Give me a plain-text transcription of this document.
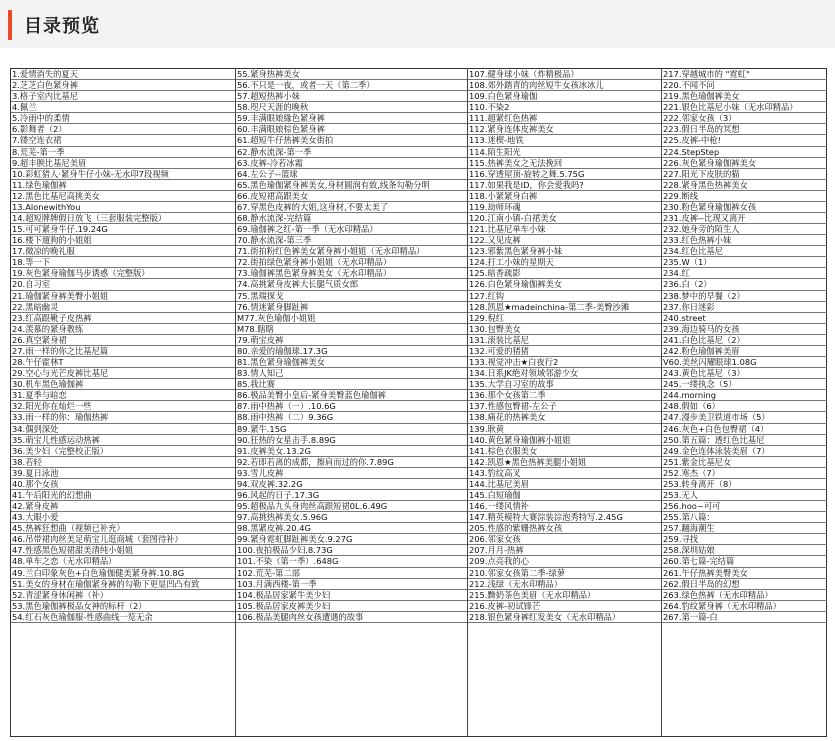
目录预览
1.爱情消失的夏天
2.芝芝白色紧身裤
3.格子室内比基尼
4.佩兰
5.冷雨中的柔情
6.影舞者（2）
7.镂空连衣裙
8.荒芜-第一季
9.超丰腴比基尼美眉
10.彩虹猎人·紧身牛仔小妹-无水印7段视频
11.绿色瑜伽裤
12.黑色比基尼高挑美女
13.AlonewithYou
14.超短牌牌假日放飞（三套服装完整版）
15.可可紧身牛仔.19.24G
16.楼下遛狗的小姐姐
17.微凉的晚礼服
18.等一下
19.灰色紧身瑜伽马步诱惑（完整版）
20.自习室
21.瑜伽紧身裤美臀小姐姐
22.黑暗幽灵
23.红高跟靴子皮热裤
24.羡慕的紧身教练
26.真空紧身裙
27.雨一样的你之比基尼篇
28.午仔霍林T
29.空心与光芒皮裤比基尼
30.机车黑色瑜伽裤
31.夏季与暗恋
32.阳光你在灿烂一些
33.雨一样的你：瑜伽热裤
34.偶到深处
35.萌宝儿性感运动热裤
36.美少妇（完整校正版）
38.若轻
39.夏日泳池
40.那个女孩
41.午后阳光的幻想曲
42.紧身皮裤
43.大眼小爱
45.热裤狂想曲（视频已补充）
46.吊带裙肉丝美足萌宝儿逛商城（套图待补）
47.性感黑色短裙甜美清纯小姐姐
48.单车之恋（无水印精品）
49.兰白印象灰色+白色瑜伽健美紧身裤.10.8G
51.美女的身材在瑜伽紧身裤的勾勒下更显凹凸有致
52.青涩紧身休闲裤（补）
53.黑色瑜伽裤极品女神的标杆（2）
54.红石灰色瑜伽服-性感曲线一览无余
55.紧身热裤美女
56.不只是一夜，或者一天（第二季）
57.超短热裤小妹
58.咫尺天涯的晚秋
59.丰满眼娘緣色紧身裤
60.丰满眼娘棕色紧身裤
61.超短牛仔热裤美女街拍
62.静水流深-第一季
63.皮裤-冷若冰霜
64.左公子--篮球
65.黑色瑜伽紧身裤美女,身材圆润有致,线条勾勒分明
66.皮短裙高跟美女
67.穿黑色皮裤的大姐,这身材,不要太美了
68.静水流深-完结篇
69.瑜伽裤之红-第一季（无水印精品）
70.静水流深-第三季
71.街拍粉红色裤美女紧身裤小姐姐（无水印精品）
72.街拍绿色紧身裤小姐姐（无水印精品）
73.瑜伽裤黑色紧身裤美女（无水印精品）
74.高挑紧身皮裤大长腿气质女郎
75.黑瑞探戈
76.情迷紧身脚趾裤
M77.灰色瑜伽小姐姐
M78.瞎瞎
79.萌宝皮裤
80.亲爱的瑜伽球.17.3G
81.黑色紧身瑜伽裤美女
83.情人知己
85.我比赛
86.极品美臀小皇后-紧身美臀蓝色瑜伽裤
87.雨中热裤（一）.10.6G
88.雨中热裤（二）9.36G
89.紧牛.15G
90.狂热的女星击手.8.89G
91.皮裤美女.13.2G
92.若即若离的成都，擦肩而过的你.7.89G
93.雪儿皮裤
94.双皮裤.32.2G
96.风起的日子.17.3G
95.超极品九头身肉丝高跟短裙0L.6.49G
97.高挑热裤美女.5.96G
98.黑紧皮裤.20.4G
99.紧身霓虹脚趾裤美女.9.27G
100.夜拍极品少妇.8.73G
101.不染（第一季）.648G
102.荒芜-第二部
103.月满西楼-第一季
104.极品居家紧牛美少妇
105.极品居家皮裤美少妇
106.极品美腿肉丝女孩遭遇的故事
107.健身球小妹（炸精极品）
108.郊外踏青的肉丝短牛女孩冰冰儿
109.白色紧身瑜伽
110.不染2
111.超紧红色热裤
112.紧身连体皮裤美女
113.迷楔-地铁
114.陌生阳光
115.热裤美女之无法挽回
116.穿透屋顶-旋转之舞.5.75G
117.如果我是ID，你会爱我吗?
118.小紧紧身白裤
119.劫师环魂
120.江南小镇-白裙美女
121.比基尼单车小妹
122.又见皮裤
123.邪紫黑色紧身裤小妹
124.打工小妹的星期天
125.暗香疏影
126.白色紧身瑜伽裤美女
127.红钩
128.凯恩★madeinchina-第二季-美臀沙滩
129.倪红
130.包臀美女
131.滚装比基尼
132.可爱的猪猪
133.视觉冲击★白夜行2
134.日系JK绝对领域邻游少女
135.大学自习室的故事
136.那个女孩第二季
137.性感包臀裙-左公子
138.痛花的热裤美女
139.耿黄
140.黄色紧身瑜伽裤小姐姐
141.棕色衣服美女
142.凯恩★黑色热裤美腿小姐姐
143.豹纹高叉
144.比基尼美眉
145.白短瑜伽
146.一缕风情补
147.精英模特大赛淙装淙泡秀特写.2.45G
205.性感的紫姗热裤女孩
206.邻家女孩
207.月月-热裤
209.点亮我的心
210.邻家女孩第二季-绿萝
212.浅绿（无水印精品）
215.黝奶茶色美眉（无水印精品）
216.皮裤-初试锋芒
218.银色紧身裤红发美女（无水印精品）
217.穿越城市的 "霓虹"
220.不闻不问
219.黑色瑜伽裤美女
221.银色比基尼小妹（无水印精品）
222.邻家女孩（3）
223.假日半岛的冥想
225.皮裤-中枪!
224.StepStep
226.灰色紧身瑜伽裤美女
227.阳光下皮肤的猫
228.紧身黑色热裤美女
229.断线
230.粉色紧身瑜伽裤女孩
231.皮裤--比现又离开
232.她身旁的陌生人
233.红色热裤小妹
234.红色比基尼
235.W（1）
234.红
236.白（2）
238.梦中的早餐（2）
237.你日迷彩
240.street
239.海边骑马的女孩
241.白色比基尼（2）
242.粉色瑜伽裤美眉
V60.美丝闪耀眼球1.08G
243.黄色比基尼（3）
245.一缕执念（5）
244.morning
248.假如（6）
247.漫步美卫铁道市场（5）
246.灰色+白色包臀裙（4）
250.第五篇：透红色比基尼
249.金色连体泳装美眉（7）
251.紫金比基尼女
252.寒杰（7）
253.转身离开（8）
253.无人
256.hoo~可可
255.第八篇：
257.翻海潮生
259.寻找
258.深圳姑娘
260.第七篇-完结篇
261.午仔热裤美臀美女
262.假日半岛的幻想
263.绿色热裤（无水印精品）
264.豹纹紧身裤（无水印精品）
267.第一篇-白
